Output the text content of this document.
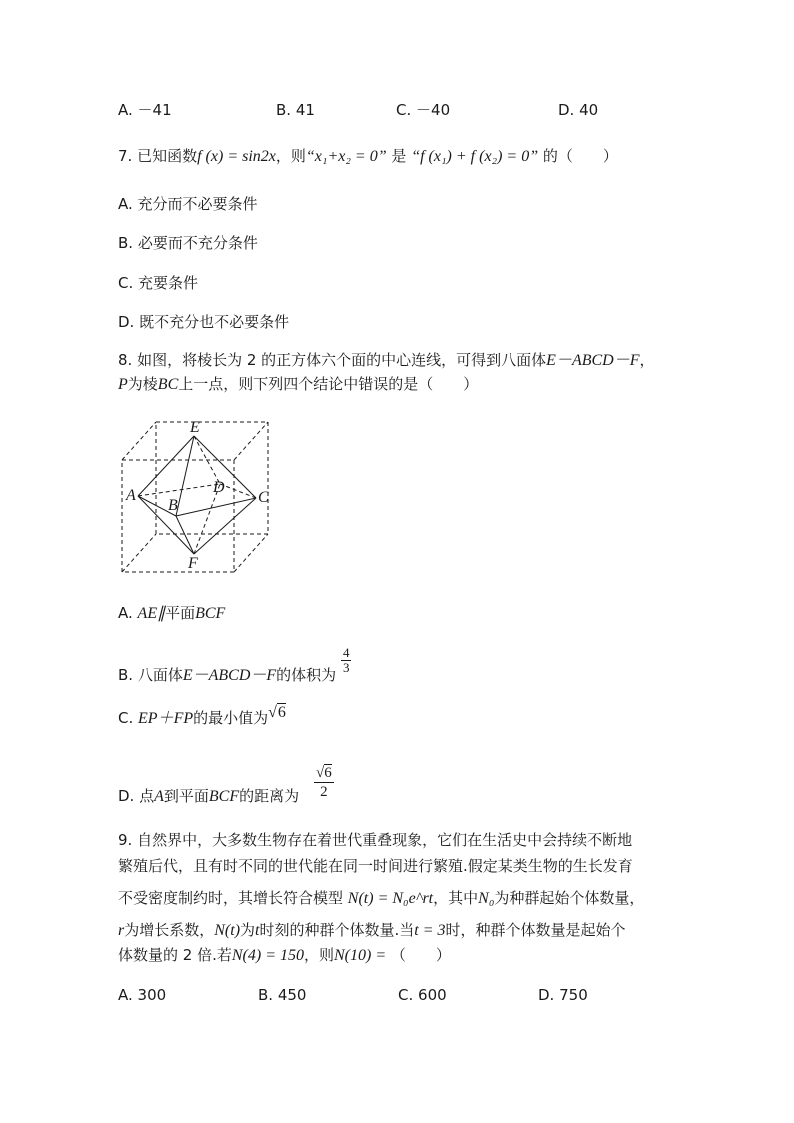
A. －41	B. 41	C. －40	D. 40
7. 已知函数f (x) = sin2x，则“x₁+x₂ = 0” 是 “f (x₁) + f (x₂) = 0” 的（　　）
A. 充分而不必要条件
B. 必要而不充分条件
C. 充要条件
D. 既不充分也不必要条件
8. 如图，将棱长为 2 的正方体六个面的中心连线，可得到八面体E－ABCD－F，
P为棱BC上一点，则下列四个结论中错误的是（　　）
E
A
B
D
C
F
A. AE∥平面BCF
B. 八面体E－ABCD－F的体积为 $\frac{4}{3}$
C. EP＋FP的最小值为√6
D. 点A到平面BCF的距离为 $\frac{√6}{2}$
9. 自然界中，大多数生物存在着世代重叠现象，它们在生活史中会持续不断地
繁殖后代，且有时不同的世代能在同一时间进行繁殖.假定某类生物的生长发育
不受密度制约时，其增长符合模型 N(t) = N₀e^rt，其中N₀为种群起始个体数量，
r为增长系数，N(t)为t时刻的种群个体数量.当t = 3时，种群个体数量是起始个
体数量的 2 倍.若N(4) = 150，则N(10) = （　　）
A. 300	B. 450	C. 600	D. 750
